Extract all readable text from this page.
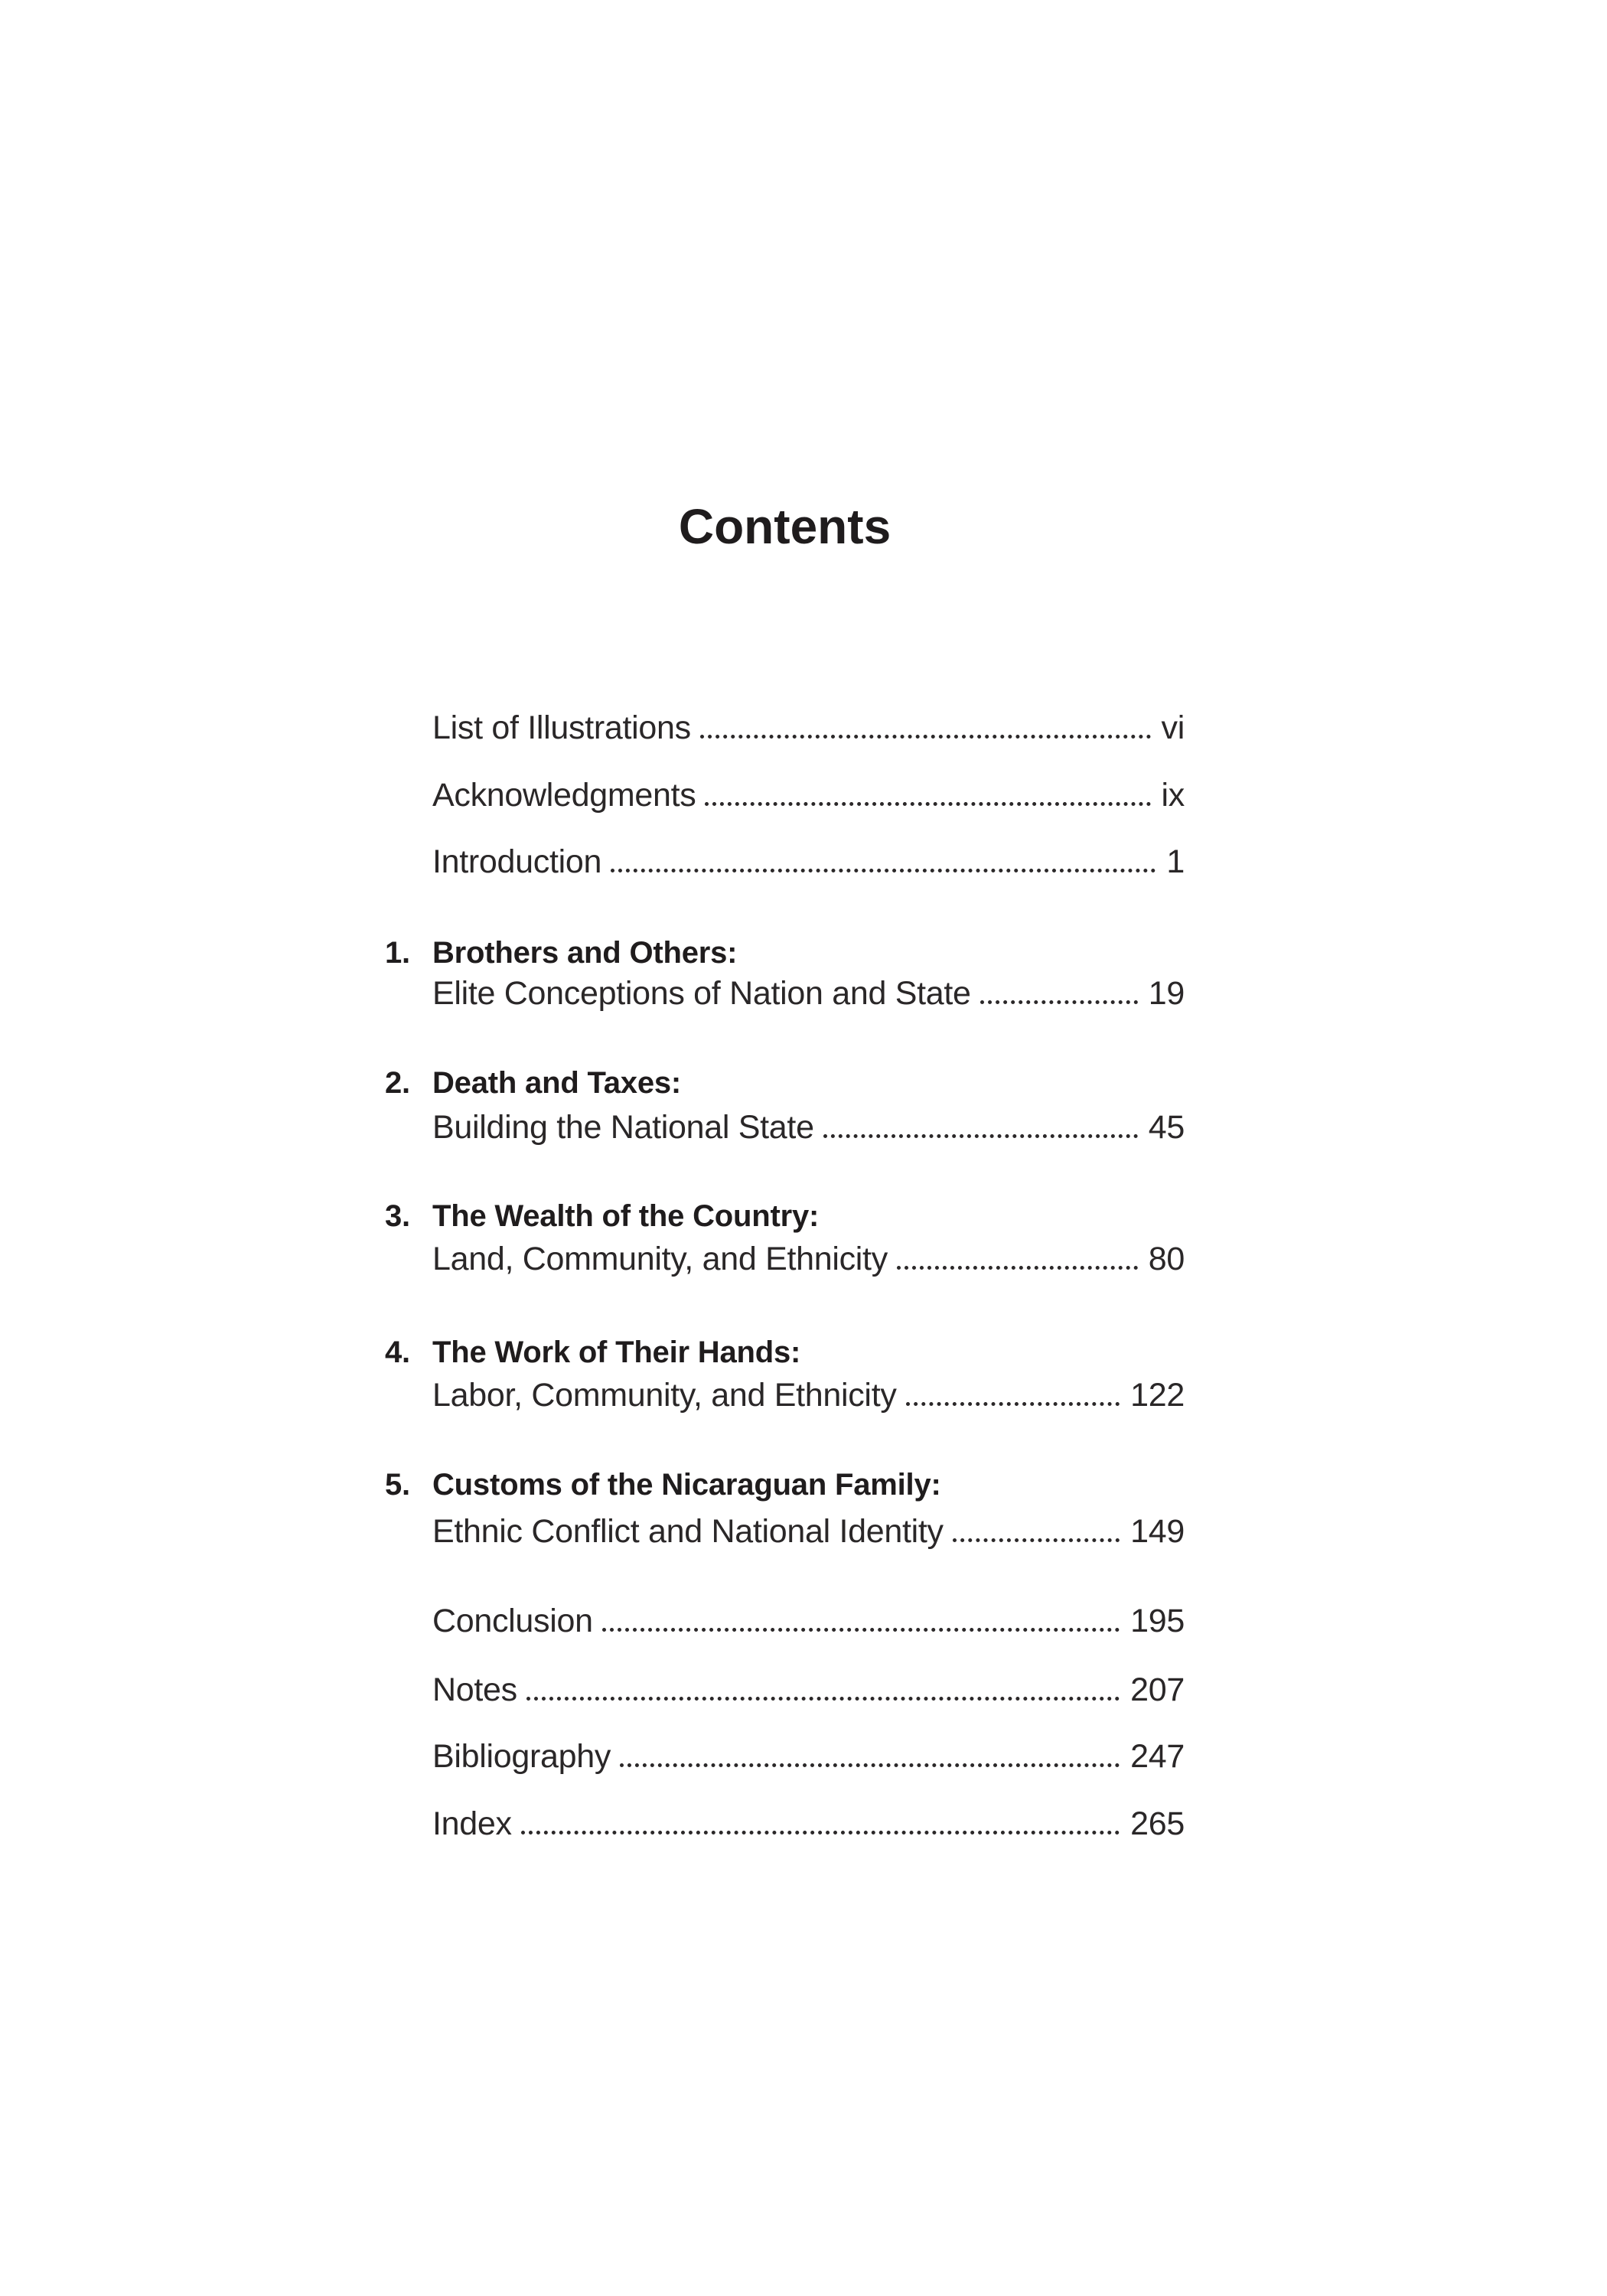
Contents
List of Illustrations	vi
Acknowledgments	ix
Introduction	1
1. Brothers and Others:
Elite Conceptions of Nation and State	19
2. Death and Taxes:
Building the National State	45
3. The Wealth of the Country:
Land, Community, and Ethnicity	80
4. The Work of Their Hands:
Labor, Community, and Ethnicity	122
5. Customs of the Nicaraguan Family:
Ethnic Conflict and National Identity	149
Conclusion	195
Notes	207
Bibliography	247
Index	265
